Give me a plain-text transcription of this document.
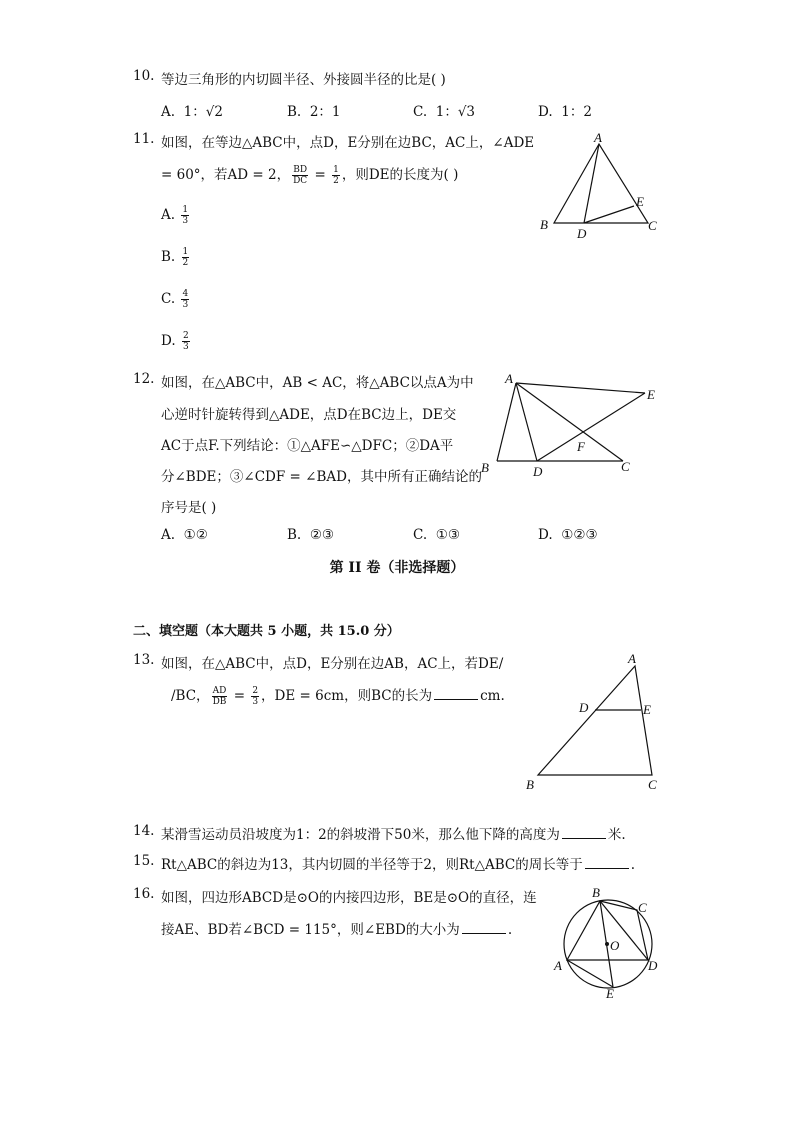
10. 等边三角形的内切圆半径、外接圆半径的比是( )
A. 1：√2	B. 2：1	C. 1：√3	D. 1：2
11. 如图，在等边△ABC中，点D，E分别在边BC，AC上，∠ADE
= 60°，若AD = 2， $\frac{BD}{DC} = \frac{1}{2}$ ，则DE的长度为( )
A. $\frac{1}{3}$
B. $\frac{1}{2}$
C. $\frac{4}{3}$
D. $\frac{2}{3}$
A
B	C
D
E
12. 如图，在△ABC中，AB < AC，将△ABC以点A为中
心逆时针旋转得到△ADE，点D在BC边上，DE交
AC于点F.下列结论：①△AFE∽△DFC；②DA平
分∠BDE；③∠CDF = ∠BAD，其中所有正确结论的
序号是( )
A. ①②	B. ②③	C. ①③	D. ①②③
A
B	C
D
E
F
第 II 卷（非选择题）
二、填空题（本大题共 5 小题，共 15.0 分）
13. 如图，在△ABC中，点D，E分别在边AB，AC上，若DE/
/BC， $\frac{AD}{DB} = \frac{2}{3}$ ，DE = 6cm，则BC的长为	cm.
A
B	C
D	E
14. 某滑雪运动员沿坡度为1：2的斜坡滑下50米，那么他下降的高度为	米.
15. Rt△ABC的斜边为13，其内切圆的半径等于2，则Rt△ABC的周长等于	.
16. 如图，四边形ABCD是⊙O的内接四边形，BE是⊙O的直径，连
接AE、BD若∠BCD = 115°，则∠EBD的大小为	.
B
C
A	D
E
O
